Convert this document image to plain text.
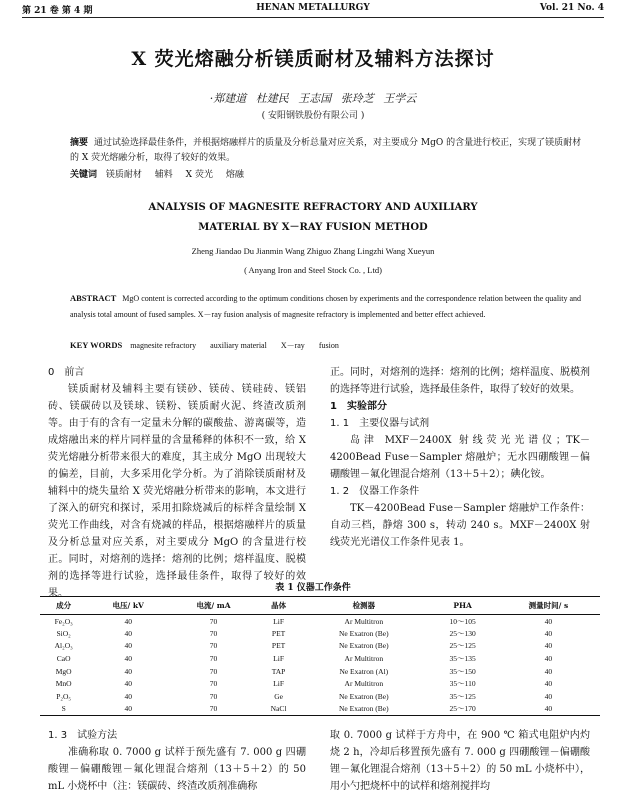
第 21 卷 第 4 期	HENAN METALLURGY	Vol. 21 No. 4
X 荧光熔融分析镁质耐材及辅料方法探讨
·郑建道 杜建民 王志国 张玲芝 王学云
( 安阳钢铁股份有限公司 )
摘要 通过试验选择最佳条件，并根据熔融样片的质量及分析总量对应关系，对主要成分 MgO 的含量进行校正，实现了镁质耐材的 X 荧光熔融分析，取得了较好的效果。
关键词 镁质耐材 辅料 X 荧光 熔融
ANALYSIS OF MAGNESITE REFRACTORY AND AUXILIARY
MATERIAL BY X－RAY FUSION METHOD
Zheng Jiandao Du Jianmin Wang Zhiguo Zhang Lingzhi Wang Xueyun
( Anyang Iron and Steel Stock Co. , Ltd)
ABSTRACT MgO content is corrected according to the optimum conditions chosen by experiments and the correspondence relation between the quality and analysis total amount of fused samples. X－ray fusion analysis of magnesite refractory is implemented and better effect achieved.
KEY WORDS magnesite refractory auxiliary material X－ray fusion
0 前言

镁质耐材及辅料主要有镁砂、镁砖、镁硅砖、镁铝砖、镁碳砖以及镁球、镁粉、镁质耐火泥、终渣改质剂等。由于有的含有一定量未分解的碳酸盐、游离碳等，造成熔融出来的样片同样量的含量稀释的体积不一致，给 X 荧光熔融分析带来很大的难度，其主成分 MgO 出现较大的偏差，目前，大多采用化学分析。为了消除镁质耐材及辅料中的烧失量给 X 荧光熔融分析带来的影响，本文进行了深入的研究和探讨，采用扣除烧减后的标样含量绘制 X 荧光工作曲线，对含有烧减的样品，根据熔融样片的质量及分析总量对应关系，对主要成分 MgO 的含量进行校正。同时，对熔剂的选择：熔剂的比例；熔样温度、脱模剂的选择等进行试验，选择最佳条件，取得了较好的效果。

正。同时，对熔剂的选择：熔剂的比例；熔样温度、脱模剂的选择等进行试验，选择最佳条件，取得了较好的效果。

1 实验部分
1. 1 主要仪器与试剂

岛津 MXF－2400X 射线荧光光谱仪；TK－4200Bead Fuse－Sampler 熔融炉；无水四硼酸锂－偏硼酸锂－氟化锂混合熔剂（13＋5＋2）；碘化铵。

1. 2 仪器工作条件

TK－4200Bead Fuse－Sampler 熔融炉工作条件：自动三档，静熔 300 s，转动 240 s。MXF－2400X 射线荧光光谱仪工作条件见表 1。

表 1 仪器工作条件
成分	电压/ kV	电流/ mA	晶体	检测器	PHA	测量时间/ s
Fe₂O₃	40	70	LiF	Ar Multitron	10～105	40
SiO₂	40	70	PET	Ne Exatron (Be)	25～130	40
Al₂O₃	40	70	PET	Ne Exatron (Be)	25～125	40
CaO	40	70	LiF	Ar Multitron	35～135	40
MgO	40	70	TAP	Ne Exatron (Al)	35～150	40
MnO	40	70	LiF	Ar Multitron	35～110	40
P₂O₅	40	70	Ge	Ne Exatron (Be)	35～125	40
S	40	70	NaCl	Ne Exatron (Be)	25～170	40
1. 3 试验方法

准确称取 0. 7000 g 试样于预先盛有 7. 000 g 四硼酸锂－偏硼酸锂－氟化锂混合熔剂（13＋5＋2）的 50 mL 小烧杯中（注：镁碳砖、终渣改质剂准确称

取 0. 7000 g 试样于方舟中，在 900 ℃ 箱式电阻炉内灼烧 2 h，冷却后移置预先盛有 7. 000 g 四硼酸锂－偏硼酸锂－氟化锂混合熔剂（13＋5＋2）的 50 mL 小烧杯中），用小勺把烧杯中的试样和熔剂搅拌均
